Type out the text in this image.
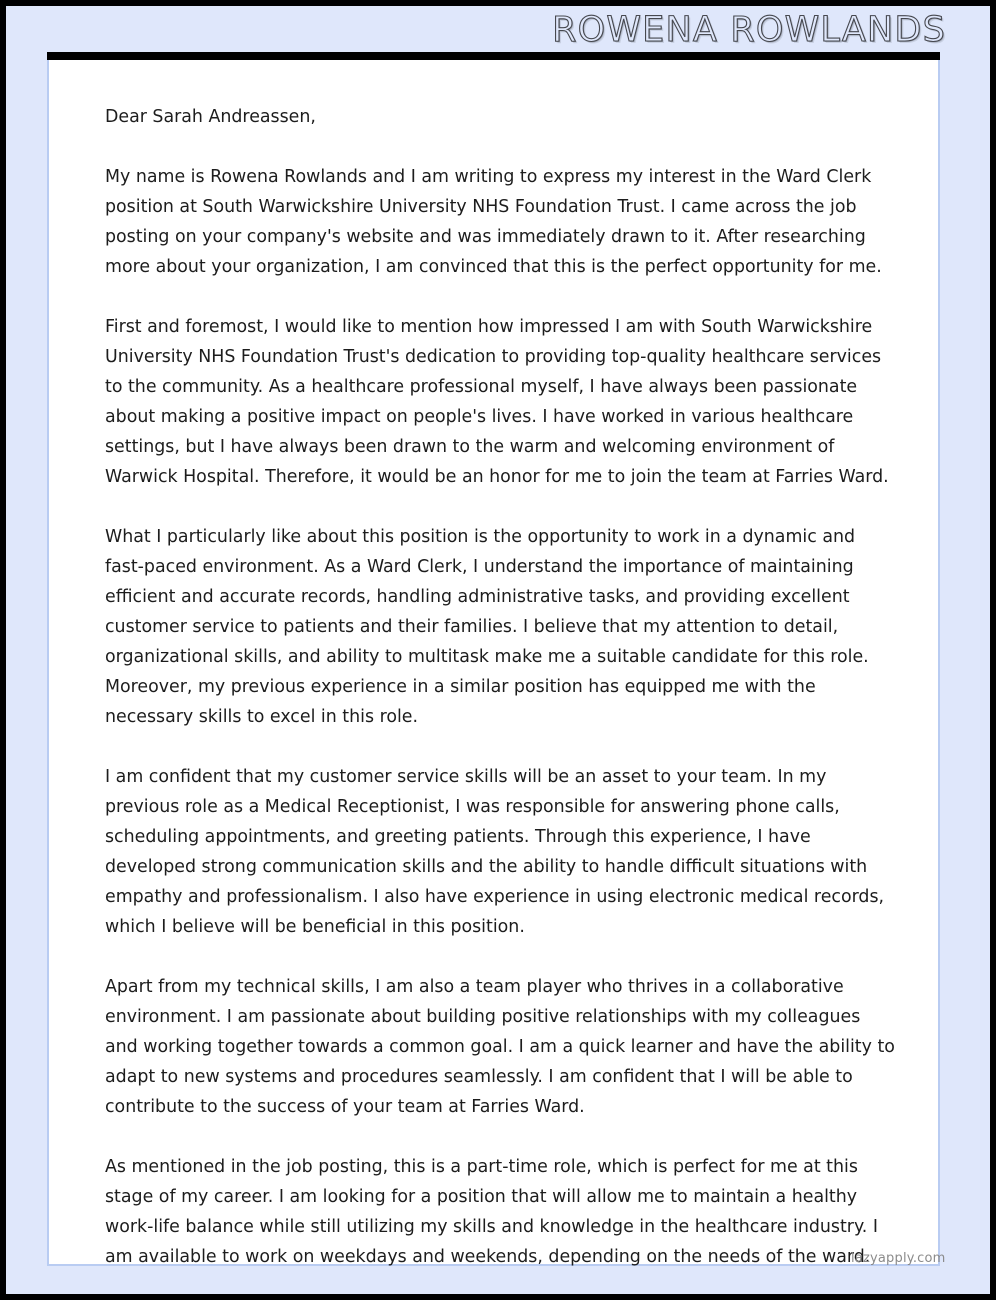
ROWENA ROWLANDS

Dear Sarah Andreassen,

My name is Rowena Rowlands and I am writing to express my interest in the Ward Clerk position at South Warwickshire University NHS Foundation Trust. I came across the job posting on your company's website and was immediately drawn to it. After researching more about your organization, I am convinced that this is the perfect opportunity for me.

First and foremost, I would like to mention how impressed I am with South Warwickshire University NHS Foundation Trust's dedication to providing top-quality healthcare services to the community. As a healthcare professional myself, I have always been passionate about making a positive impact on people's lives. I have worked in various healthcare settings, but I have always been drawn to the warm and welcoming environment of Warwick Hospital. Therefore, it would be an honor for me to join the team at Farries Ward.

What I particularly like about this position is the opportunity to work in a dynamic and fast-paced environment. As a Ward Clerk, I understand the importance of maintaining efficient and accurate records, handling administrative tasks, and providing excellent customer service to patients and their families. I believe that my attention to detail, organizational skills, and ability to multitask make me a suitable candidate for this role. Moreover, my previous experience in a similar position has equipped me with the necessary skills to excel in this role.

I am confident that my customer service skills will be an asset to your team. In my previous role as a Medical Receptionist, I was responsible for answering phone calls, scheduling appointments, and greeting patients. Through this experience, I have developed strong communication skills and the ability to handle difficult situations with empathy and professionalism. I also have experience in using electronic medical records, which I believe will be beneficial in this position.

Apart from my technical skills, I am also a team player who thrives in a collaborative environment. I am passionate about building positive relationships with my colleagues and working together towards a common goal. I am a quick learner and have the ability to adapt to new systems and procedures seamlessly. I am confident that I will be able to contribute to the success of your team at Farries Ward.

As mentioned in the job posting, this is a part-time role, which is perfect for me at this stage of my career. I am looking for a position that will allow me to maintain a healthy work-life balance while still utilizing my skills and knowledge in the healthcare industry. I am available to work on weekdays and weekends, depending on the needs of the ward.

lazyapply.com
